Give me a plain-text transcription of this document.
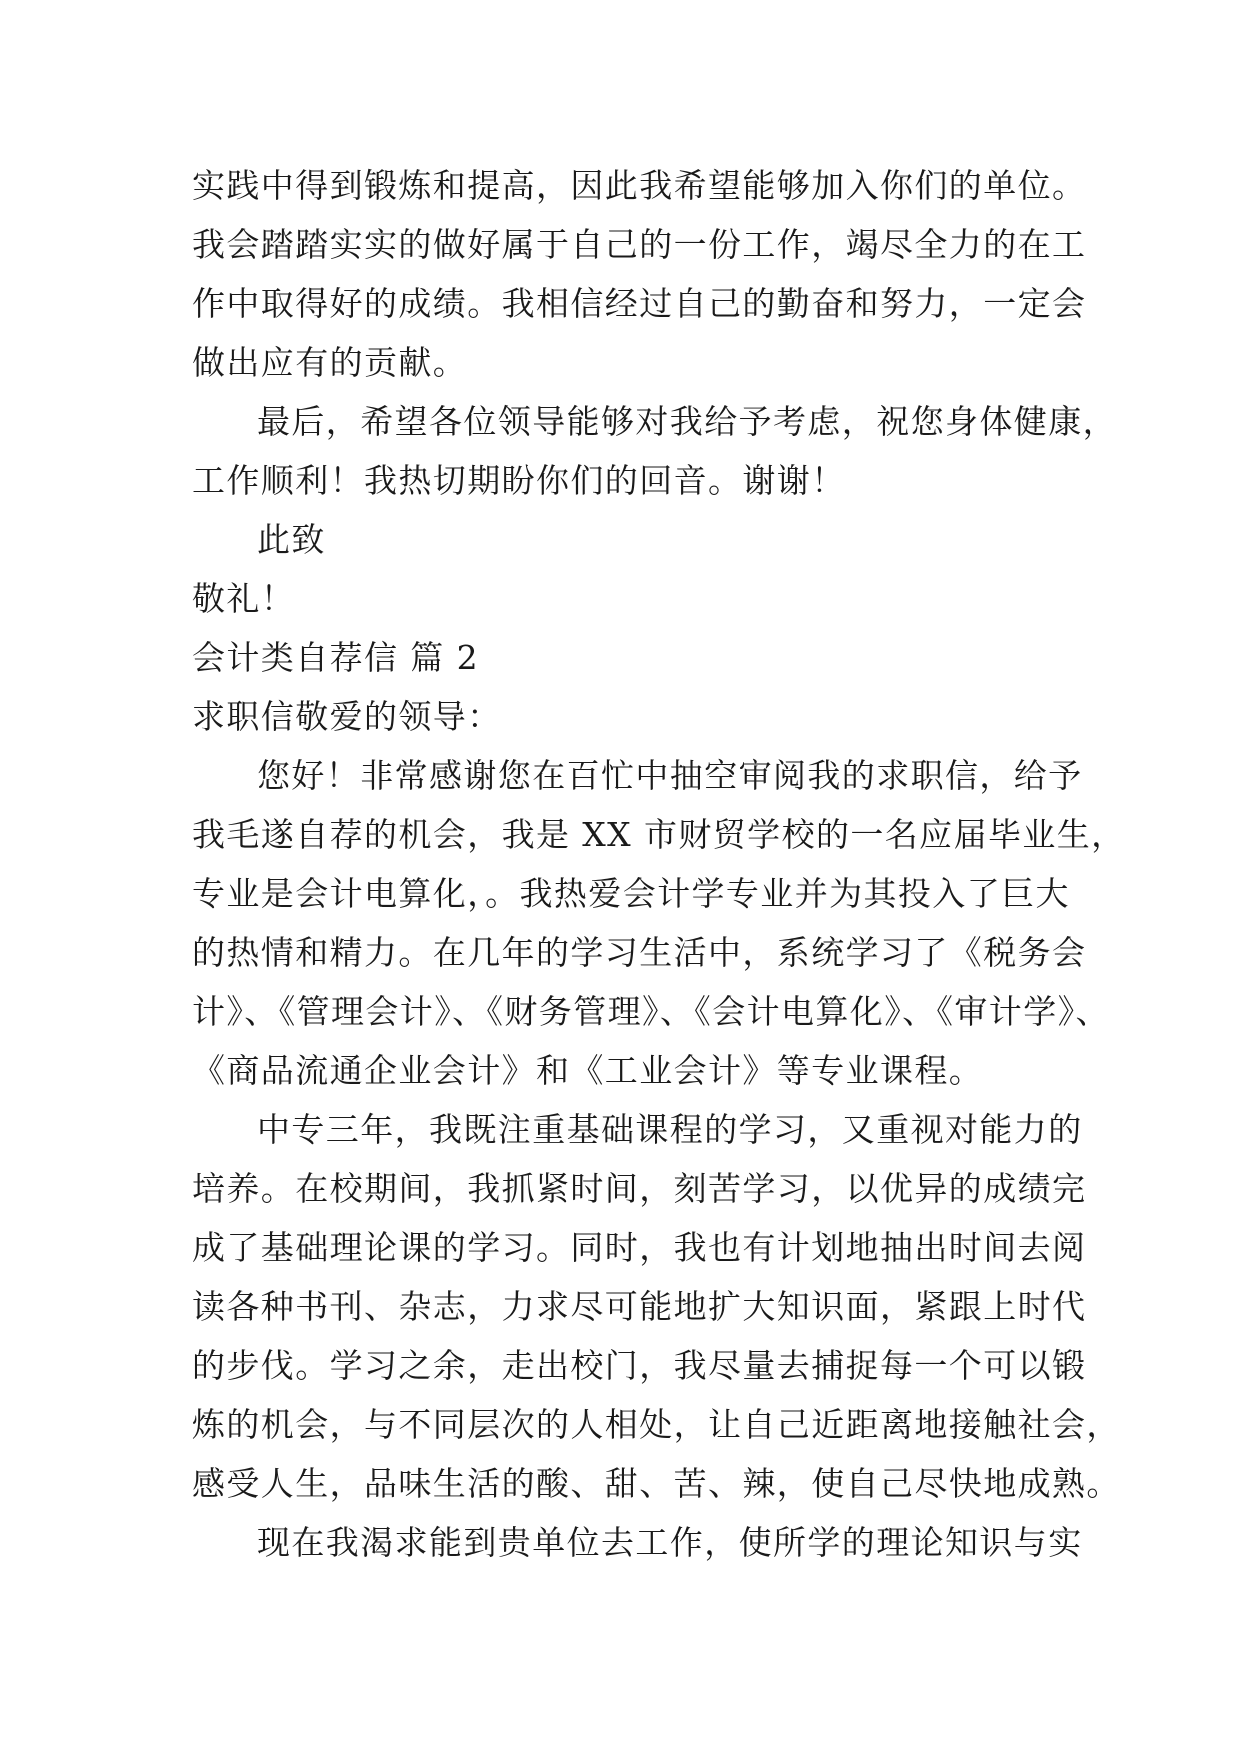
实践中得到锻炼和提高，因此我希望能够加入你们的单位。
我会踏踏实实的做好属于自己的一份工作，竭尽全力的在工
作中取得好的成绩。我相信经过自己的勤奋和努力，一定会
做出应有的贡献。
最后，希望各位领导能够对我给予考虑，祝您身体健康，
工作顺利！我热切期盼你们的回音。谢谢！
此致
敬礼！
会计类自荐信 篇 2
求职信敬爱的领导：
您好！非常感谢您在百忙中抽空审阅我的求职信，给予
我毛遂自荐的机会，我是 XX 市财贸学校的一名应届毕业生，
专业是会计电算化，。我热爱会计学专业并为其投入了巨大
的热情和精力。在几年的学习生活中，系统学习了《税务会
计》、《管理会计》、《财务管理》、《会计电算化》、《审计学》、
《商品流通企业会计》和《工业会计》等专业课程。
中专三年，我既注重基础课程的学习，又重视对能力的
培养。在校期间，我抓紧时间，刻苦学习，以优异的成绩完
成了基础理论课的学习。同时，我也有计划地抽出时间去阅
读各种书刊、杂志，力求尽可能地扩大知识面，紧跟上时代
的步伐。学习之余，走出校门，我尽量去捕捉每一个可以锻
炼的机会，与不同层次的人相处，让自己近距离地接触社会，
感受人生，品味生活的酸、甜、苦、辣，使自己尽快地成熟。
现在我渴求能到贵单位去工作，使所学的理论知识与实
